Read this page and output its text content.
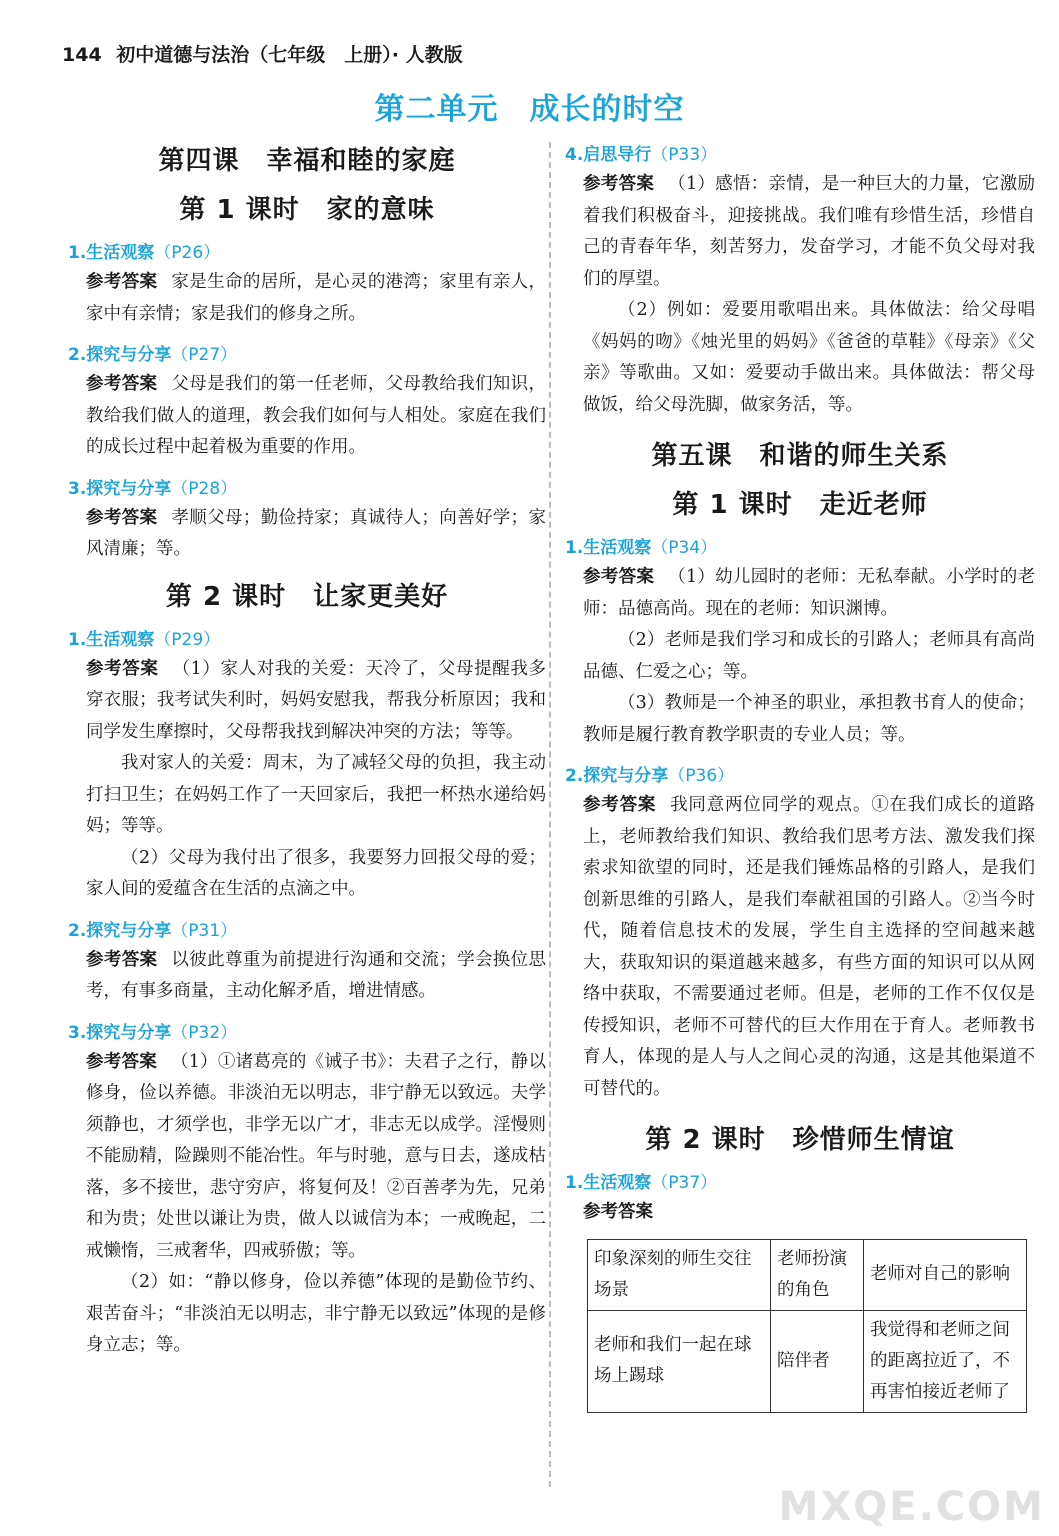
144 初中道德与法治（七年级　上册）· 人教版
第二单元　成长的时空
第四课　幸福和睦的家庭
第 1 课时　家的意味
1.生活观察（P26）

参考答案 家是生命的居所，是心灵的港湾；家里有亲人，家中有亲情；家是我们的修身之所。

2.探究与分享（P27）

参考答案 父母是我们的第一任老师，父母教给我们知识，教给我们做人的道理，教会我们如何与人相处。家庭在我们的成长过程中起着极为重要的作用。

3.探究与分享（P28）

参考答案 孝顺父母；勤俭持家；真诚待人；向善好学；家风清廉；等。

第 2 课时　让家更美好
1.生活观察（P29）

参考答案 （1）家人对我的关爱：天冷了，父母提醒我多穿衣服；我考试失利时，妈妈安慰我，帮我分析原因；我和同学发生摩擦时，父母帮我找到解决冲突的方法；等等。

我对家人的关爱：周末，为了减轻父母的负担，我主动打扫卫生；在妈妈工作了一天回家后，我把一杯热水递给妈妈；等等。

（2）父母为我付出了很多，我要努力回报父母的爱；家人间的爱蕴含在生活的点滴之中。

2.探究与分享（P31）

参考答案 以彼此尊重为前提进行沟通和交流；学会换位思考，有事多商量，主动化解矛盾，增进情感。

3.探究与分享（P32）

参考答案 （1）①诸葛亮的《诫子书》：夫君子之行，静以修身，俭以养德。非淡泊无以明志，非宁静无以致远。夫学须静也，才须学也，非学无以广才，非志无以成学。淫慢则不能励精，险躁则不能冶性。年与时驰，意与日去，遂成枯落，多不接世，悲守穷庐，将复何及！②百善孝为先，兄弟和为贵；处世以谦让为贵，做人以诚信为本；一戒晚起，二戒懒惰，三戒奢华，四戒骄傲；等。

（2）如：“静以修身，俭以养德”体现的是勤俭节约、艰苦奋斗；“非淡泊无以明志，非宁静无以致远”体现的是修身立志；等。

4.启思导行（P33）

参考答案 （1）感悟：亲情，是一种巨大的力量，它激励着我们积极奋斗，迎接挑战。我们唯有珍惜生活，珍惜自己的青春年华，刻苦努力，发奋学习，才能不负父母对我们的厚望。

（2）例如：爱要用歌唱出来。具体做法：给父母唱《妈妈的吻》《烛光里的妈妈》《爸爸的草鞋》《母亲》《父亲》等歌曲。又如：爱要动手做出来。具体做法：帮父母做饭，给父母洗脚，做家务活，等。

第五课　和谐的师生关系
第 1 课时　走近老师
1.生活观察（P34）

参考答案 （1）幼儿园时的老师：无私奉献。小学时的老师：品德高尚。现在的老师：知识渊博。

（2）老师是我们学习和成长的引路人；老师具有高尚品德、仁爱之心；等。

（3）教师是一个神圣的职业，承担教书育人的使命；教师是履行教育教学职责的专业人员；等。

2.探究与分享（P36）

参考答案 我同意两位同学的观点。①在我们成长的道路上，老师教给我们知识、教给我们思考方法、激发我们探索求知欲望的同时，还是我们锤炼品格的引路人，是我们创新思维的引路人，是我们奉献祖国的引路人。②当今时代，随着信息技术的发展，学生自主选择的空间越来越大，获取知识的渠道越来越多，有些方面的知识可以从网络中获取，不需要通过老师。但是，老师的工作不仅仅是传授知识，老师不可替代的巨大作用在于育人。老师教书育人，体现的是人与人之间心灵的沟通，这是其他渠道不可替代的。

第 2 课时　珍惜师生情谊
1.生活观察（P37）

参考答案

印象深刻的师生交往场景	老师扮演的角色	老师对自己的影响
老师和我们一起在球场上踢球	陪伴者	我觉得和老师之间的距离拉近了，不再害怕接近老师了
MXQE.COM
